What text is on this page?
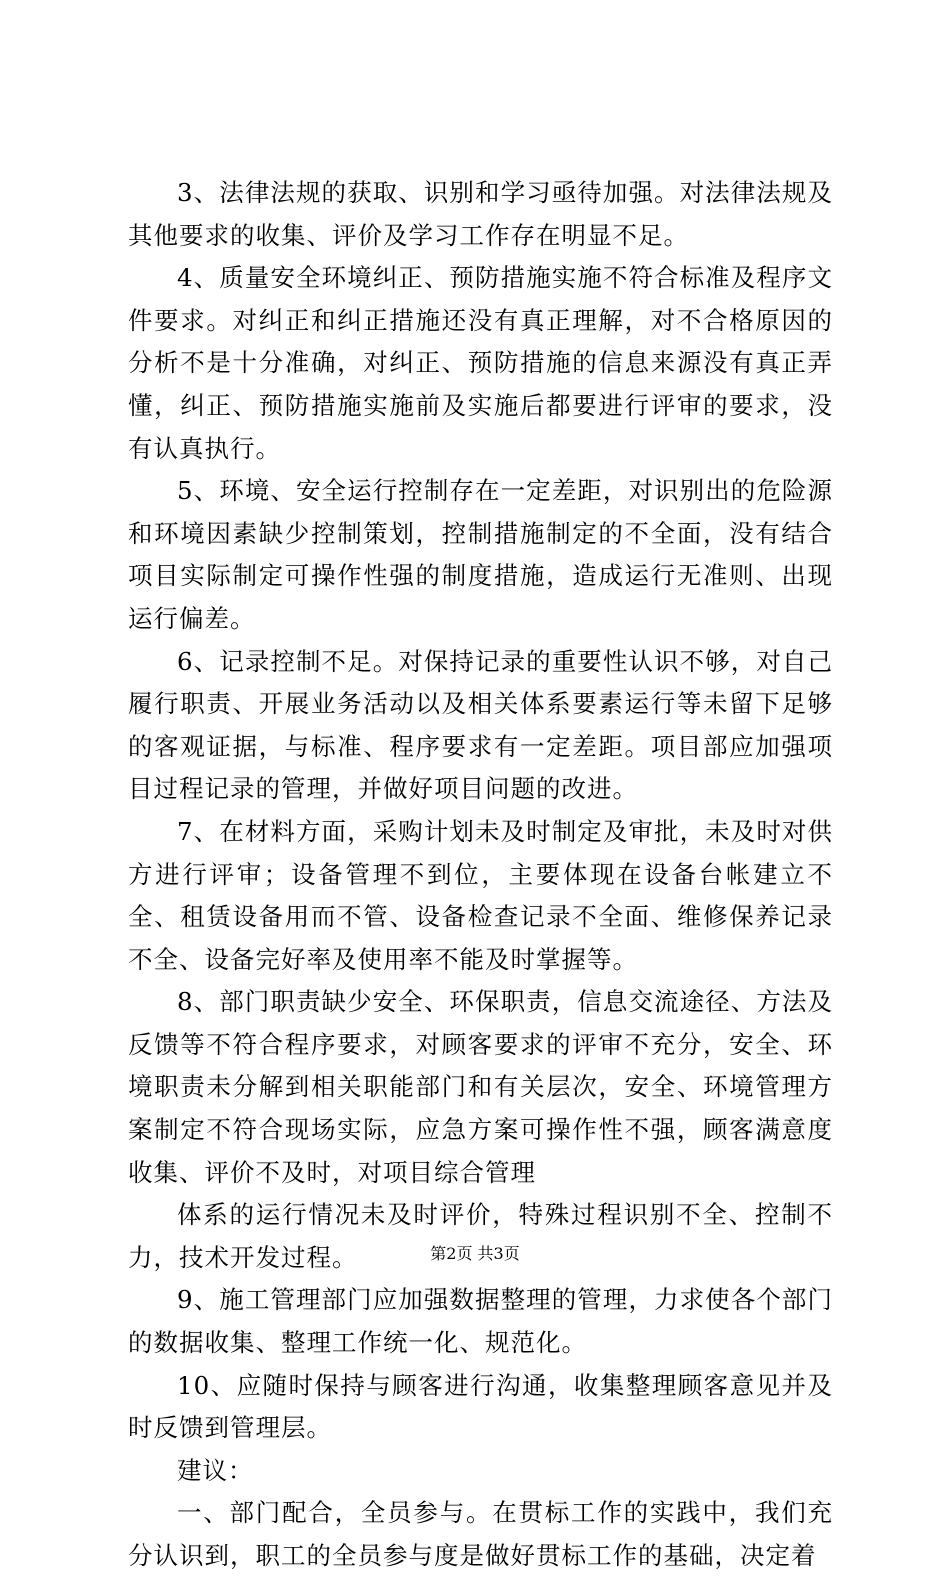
3、法律法规的获取、识别和学习亟待加强。对法律法规及其他要求的收集、评价及学习工作存在明显不足。

4、质量安全环境纠正、预防措施实施不符合标准及程序文件要求。对纠正和纠正措施还没有真正理解，对不合格原因的分析不是十分准确，对纠正、预防措施的信息来源没有真正弄懂，纠正、预防措施实施前及实施后都要进行评审的要求，没有认真执行。

5、环境、安全运行控制存在一定差距，对识别出的危险源和环境因素缺少控制策划，控制措施制定的不全面，没有结合项目实际制定可操作性强的制度措施，造成运行无准则、出现运行偏差。

6、记录控制不足。对保持记录的重要性认识不够，对自己履行职责、开展业务活动以及相关体系要素运行等未留下足够的客观证据，与标准、程序要求有一定差距。项目部应加强项目过程记录的管理，并做好项目问题的改进。

7、在材料方面，采购计划未及时制定及审批，未及时对供方进行评审；设备管理不到位，主要体现在设备台帐建立不全、租赁设备用而不管、设备检查记录不全面、维修保养记录不全、设备完好率及使用率不能及时掌握等。

8、部门职责缺少安全、环保职责，信息交流途径、方法及反馈等不符合程序要求，对顾客要求的评审不充分，安全、环境职责未分解到相关职能部门和有关层次，安全、环境管理方案制定不符合现场实际，应急方案可操作性不强，顾客满意度收集、评价不及时，对项目综合管理

体系的运行情况未及时评价，特殊过程识别不全、控制不力，技术开发过程。

9、施工管理部门应加强数据整理的管理，力求使各个部门的数据收集、整理工作统一化、规范化。

10、应随时保持与顾客进行沟通，收集整理顾客意见并及时反馈到管理层。

建议：

一、部门配合，全员参与。在贯标工作的实践中，我们充分认识到，职工的全员参与度是做好贯标工作的基础，决定着

第2页 共3页
